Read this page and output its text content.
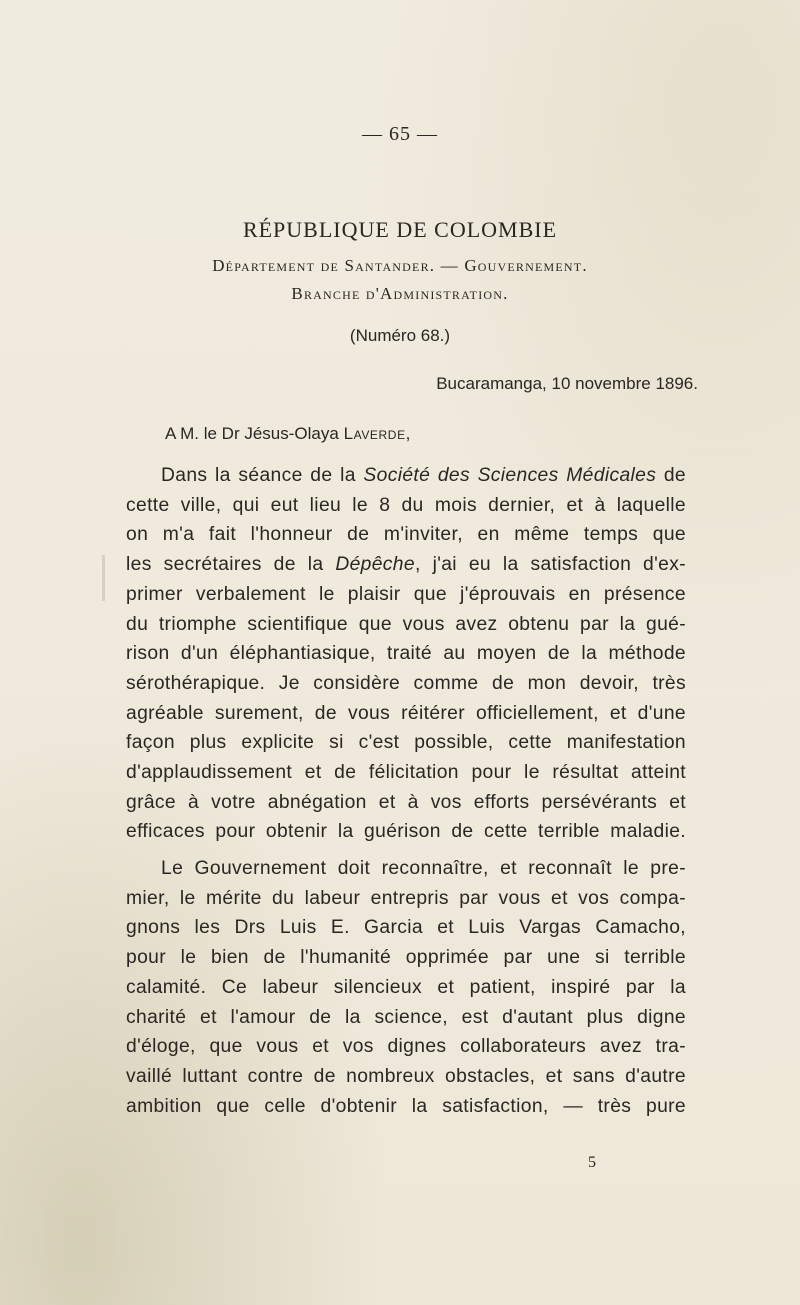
— 65 —
RÉPUBLIQUE DE COLOMBIE
Département de Santander. — Gouvernement.
Branche d'Administration.
(Numéro 68.)
Bucaramanga, 10 novembre 1896.
A M. le Dr Jésus-Olaya Laverde,
Dans la séance de la Société des Sciences Médicales de
cette ville, qui eut lieu le 8 du mois dernier, et à laquelle
on m'a fait l'honneur de m'inviter, en même temps que
les secrétaires de la Dépêche, j'ai eu la satisfaction d'ex-
primer verbalement le plaisir que j'éprouvais en présence
du triomphe scientifique que vous avez obtenu par la gué-
rison d'un éléphantiasique, traité au moyen de la méthode
sérothérapique. Je considère comme de mon devoir, très
agréable surement, de vous réitérer officiellement, et d'une
façon plus explicite si c'est possible, cette manifestation
d'applaudissement et de félicitation pour le résultat atteint
grâce à votre abnégation et à vos efforts persévérants et
efficaces pour obtenir la guérison de cette terrible maladie.
Le Gouvernement doit reconnaître, et reconnaît le pre-
mier, le mérite du labeur entrepris par vous et vos compa-
gnons les Drs Luis E. Garcia et Luis Vargas Camacho,
pour le bien de l'humanité opprimée par une si terrible
calamité. Ce labeur silencieux et patient, inspiré par la
charité et l'amour de la science, est d'autant plus digne
d'éloge, que vous et vos dignes collaborateurs avez tra-
vaillé luttant contre de nombreux obstacles, et sans d'autre
ambition que celle d'obtenir la satisfaction, — très pure
5
